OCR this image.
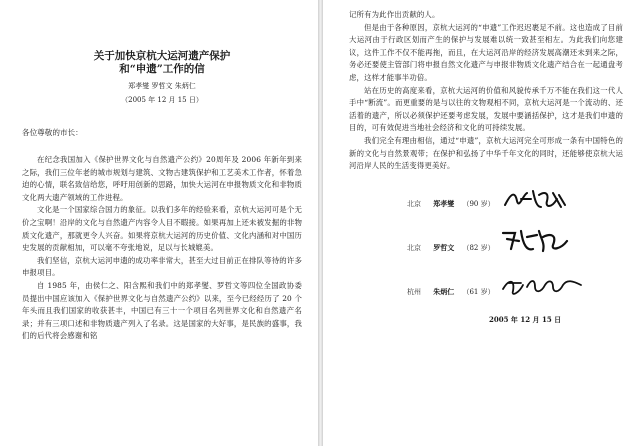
关于加快京杭大运河遗产保护
和“申遗”工作的信
郑孝燮 罗哲文 朱炳仁
（2005 年 12 月 15 日）
各位尊敬的市长：

在纪念我国加入《保护世界文化与自然遗产公约》20周年及 2006 年新年到来之际，我们三位年老的城市规划与建筑、文物古建筑保护和工艺美术工作者，怀着急迫的心情，联名致信给您，呼吁用创新的思路，加快大运河在申报物质文化和非物质文化两大遗产领域的工作进程。

文化是一个国家综合国力的象征。以我们多年的经验来看，京杭大运河可是个无价之宝啊！沿岸的文化与自然遗产内容令人目不暇接。如果再加上还未被发掘的非物质文化遗产，那就更令人兴奋。如果将京杭大运河的历史价值、文化内涵和对中国历史发展的贡献相加，可以毫不夸张地说，足以与长城媲美。

我们坚信，京杭大运河申遗的成功率非常大，甚至大过目前正在排队等待的许多申报项目。

自 1985 年，由侯仁之、阳含熙和我们中的郑孝燮、罗哲文等四位全国政协委员提出中国应该加入《保护世界文化与自然遗产公约》以来，至今已经经历了 20 个年头而且我们国家的收获甚丰，中国已有三十一个项目名列世界文化和自然遗产名录；并有三项口述和非物质遗产列入了名录。这是国家的大好事，是民族的盛事，我们的后代将会感谢和铭

记所有为此作出贡献的人。

但是由于各种原因，京杭大运河的“申遗”工作迟迟裹足不前。这也造成了目前大运河由于行政区划而产生的保护与发展难以统一致甚至相左。为此我们向您建议，这件工作不仅不能再拖，而且，在大运河沿岸的经济发展高潮还未到来之际，务必还要使主管部门将申报自然文化遗产与申报非物质文化遗产结合在一起通盘考虑，这样才能事半功倍。

站在历史的高度来看，京杭大运河的价值和风貌传承千万不能在我们这一代人手中“断流”。而更重要的是与以往的文物观相不同，京杭大运河是一个流动的、还活着的遗产，所以必须保护还要考虑发展，发展中要涵括保护，这才是我们申遗的目的，可有效促进当地社会经济和文化的可持续发展。

我们完全有理由相信，通过“申遗”，京杭大运河完全可形成一条有中国特色的新的文化与自然景观带；在保护和弘扬了中华千年文化的同时，还能够使京杭大运河沿岸人民的生活变得更美好。

北京 郑孝燮 （90 岁）
北京 罗哲文 （82 岁）
杭州 朱炳仁 （61 岁）
2005 年 12 月 15 日
